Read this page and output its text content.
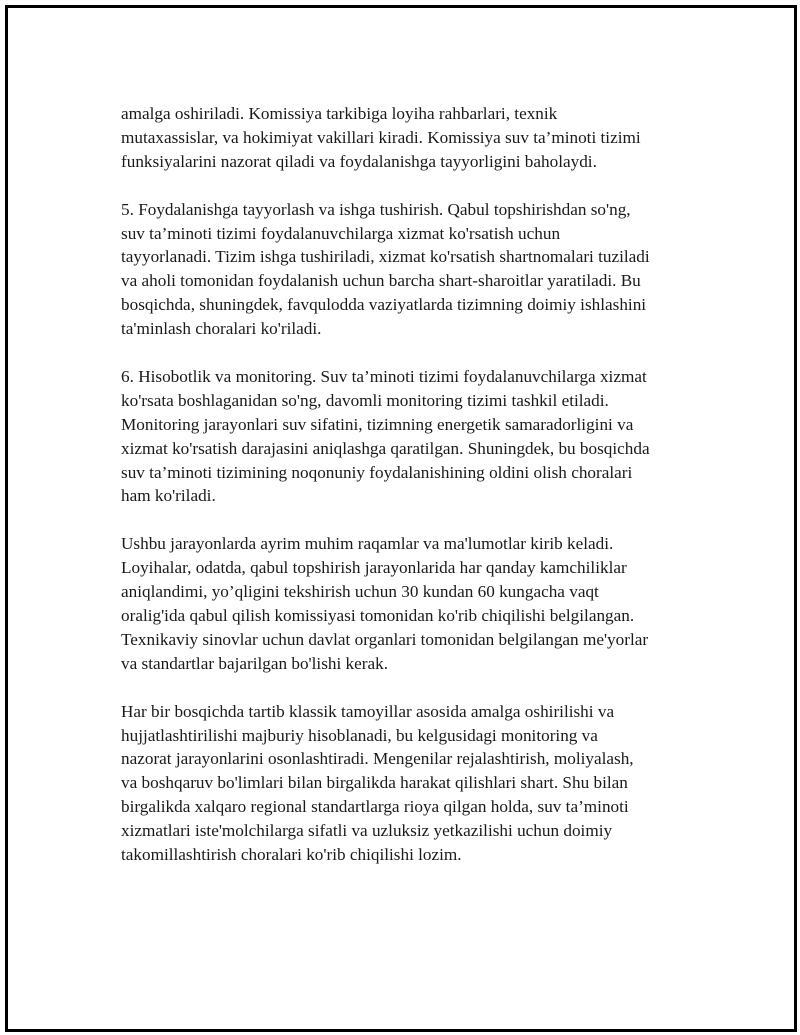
amalga oshiriladi. Komissiya tarkibiga loyiha rahbarlari, texnik
mutaxassislar, va hokimiyat vakillari kiradi. Komissiya suv ta’minoti tizimi
funksiyalarini nazorat qiladi va foydalanishga tayyorligini baholaydi.
5. Foydalanishga tayyorlash va ishga tushirish. Qabul topshirishdan so'ng,
suv ta’minoti tizimi foydalanuvchilarga xizmat ko'rsatish uchun
tayyorlanadi. Tizim ishga tushiriladi, xizmat ko'rsatish shartnomalari tuziladi
va aholi tomonidan foydalanish uchun barcha shart-sharoitlar yaratiladi. Bu
bosqichda, shuningdek, favqulodda vaziyatlarda tizimning doimiy ishlashini
ta'minlash choralari ko'riladi.
6. Hisobotlik va monitoring. Suv ta’minoti tizimi foydalanuvchilarga xizmat
ko'rsata boshlaganidan so'ng, davomli monitoring tizimi tashkil etiladi.
Monitoring jarayonlari suv sifatini, tizimning energetik samaradorligini va
xizmat ko'rsatish darajasini aniqlashga qaratilgan. Shuningdek, bu bosqichda
suv ta’minoti tizimining noqonuniy foydalanishining oldini olish choralari
ham ko'riladi.
Ushbu jarayonlarda ayrim muhim raqamlar va ma'lumotlar kirib keladi.
Loyihalar, odatda, qabul topshirish jarayonlarida har qanday kamchiliklar
aniqlandimi, yo’qligini tekshirish uchun 30 kundan 60 kungacha vaqt
oralig'ida qabul qilish komissiyasi tomonidan ko'rib chiqilishi belgilangan.
Texnikaviy sinovlar uchun davlat organlari tomonidan belgilangan me'yorlar
va standartlar bajarilgan bo'lishi kerak.
Har bir bosqichda tartib klassik tamoyillar asosida amalga oshirilishi va
hujjatlashtirilishi majburiy hisoblanadi, bu kelgusidagi monitoring va
nazorat jarayonlarini osonlashtiradi. Mengenilar rejalashtirish, moliyalash,
va boshqaruv bo'limlari bilan birgalikda harakat qilishlari shart. Shu bilan
birgalikda xalqaro regional standartlarga rioya qilgan holda, suv ta’minoti
xizmatlari iste'molchilarga sifatli va uzluksiz yetkazilishi uchun doimiy
takomillashtirish choralari ko'rib chiqilishi lozim.
